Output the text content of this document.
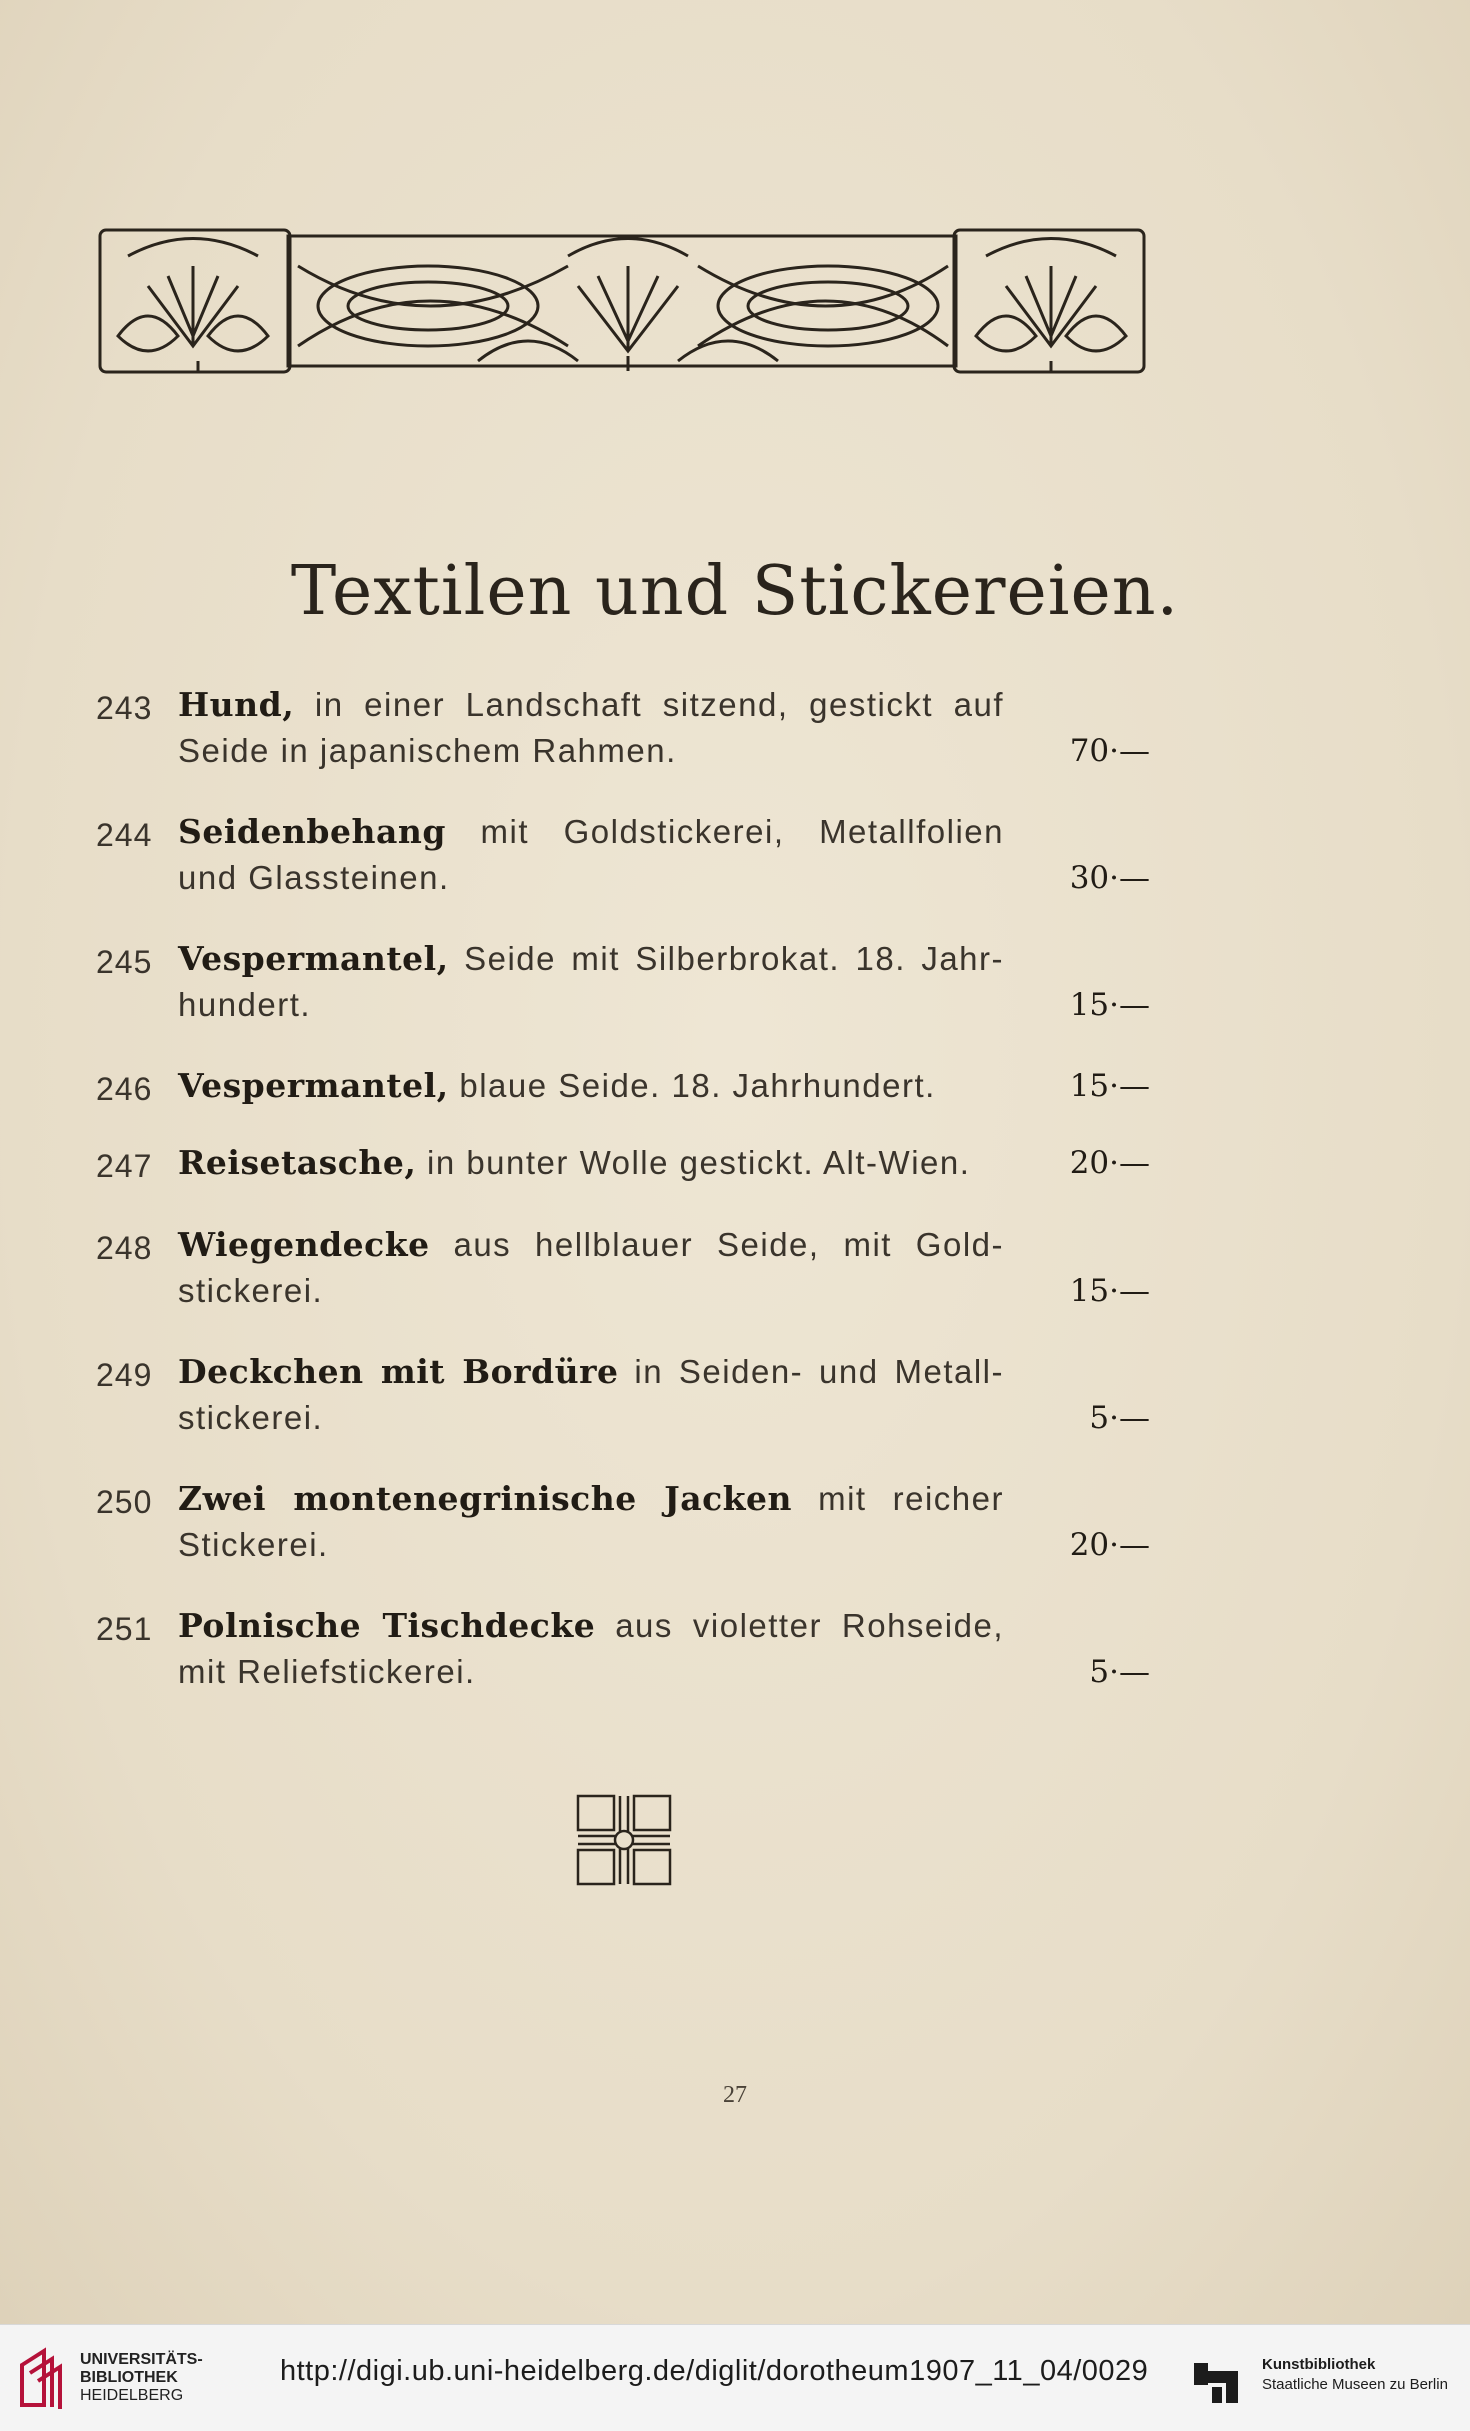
Textilen und Stickereien.
243 Hund, in einer Landschaft sitzend, gestickt auf
Seide in japanischem Rahmen.	70·—
244 Seidenbehang mit Goldstickerei, Metallfolien
und Glassteinen.	30·—
245 Vespermantel, Seide mit Silberbrokat. 18. Jahr-
hundert.	15·—
246 Vespermantel, blaue Seide. 18. Jahrhundert.	15·—
247 Reisetasche, in bunter Wolle gestickt. Alt-Wien.	20·—
248 Wiegendecke aus hellblauer Seide, mit Gold-
stickerei.	15·—
249 Deckchen mit Bordüre in Seiden- und Metall-
stickerei.	5·—
250 Zwei montenegrinische Jacken mit reicher
Stickerei.	20·—
251 Polnische Tischdecke aus violetter Rohseide,
mit Reliefstickerei.	5·—
27
UNIVERSITÄTS-
BIBLIOTHEK
HEIDELBERG
http://digi.ub.uni-heidelberg.de/diglit/dorotheum1907_11_04/0029	Kunstbibliothek
Staatliche Museen zu Berlin
